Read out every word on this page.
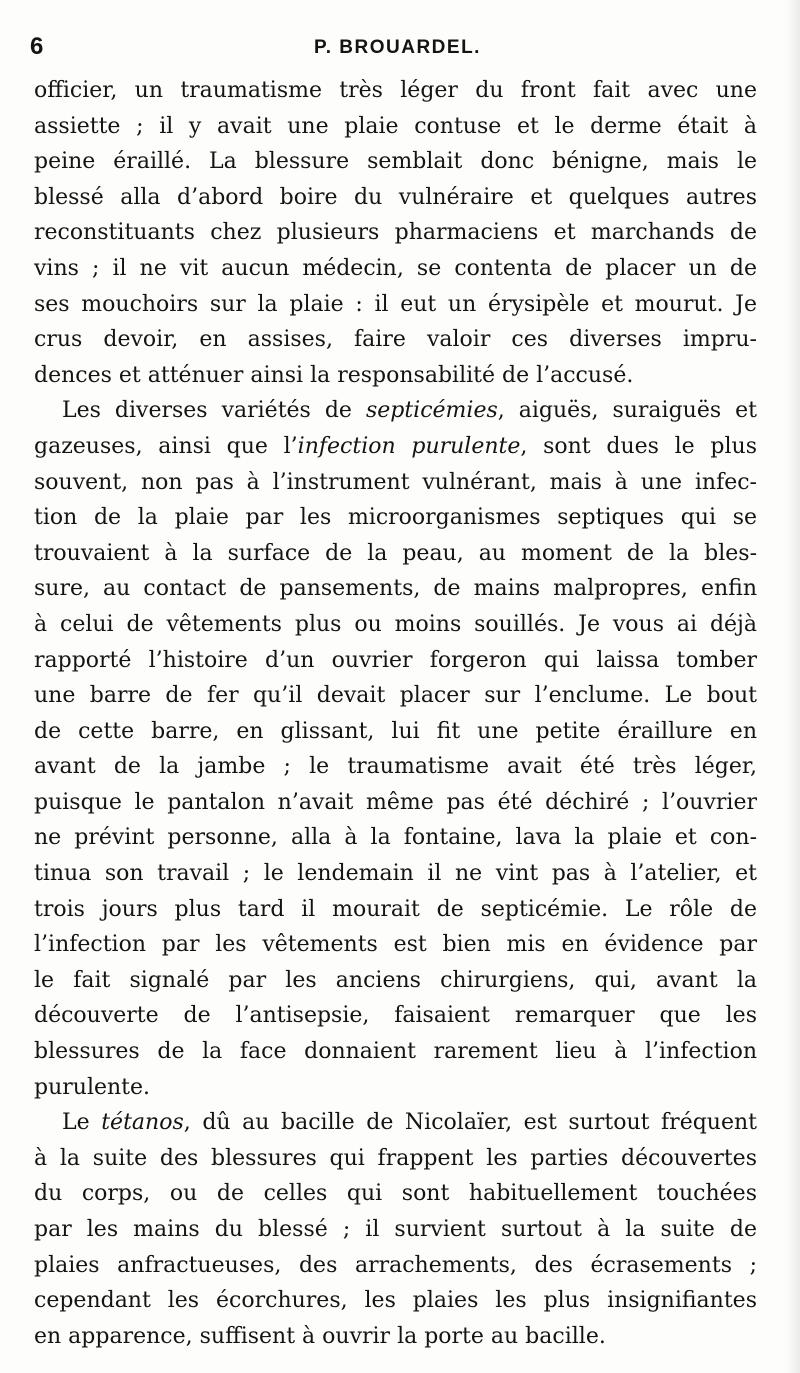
6	P. BROUARDEL.
officier, un traumatisme très léger du front fait avec une
assiette ; il y avait une plaie contuse et le derme était à
peine éraillé. La blessure semblait donc bénigne, mais le
blessé alla d’abord boire du vulnéraire et quelques autres
reconstituants chez plusieurs pharmaciens et marchands de
vins ; il ne vit aucun médecin, se contenta de placer un de
ses mouchoirs sur la plaie : il eut un érysipèle et mourut. Je
crus devoir, en assises, faire valoir ces diverses impru-
dences et atténuer ainsi la responsabilité de l’accusé.
Les diverses variétés de septicémies, aiguës, suraiguës et
gazeuses, ainsi que l’infection purulente, sont dues le plus
souvent, non pas à l’instrument vulnérant, mais à une infec-
tion de la plaie par les microorganismes septiques qui se
trouvaient à la surface de la peau, au moment de la bles-
sure, au contact de pansements, de mains malpropres, enfin
à celui de vêtements plus ou moins souillés. Je vous ai déjà
rapporté l’histoire d’un ouvrier forgeron qui laissa tomber
une barre de fer qu’il devait placer sur l’enclume. Le bout
de cette barre, en glissant, lui fit une petite éraillure en
avant de la jambe ; le traumatisme avait été très léger,
puisque le pantalon n’avait même pas été déchiré ; l’ouvrier
ne prévint personne, alla à la fontaine, lava la plaie et con-
tinua son travail ; le lendemain il ne vint pas à l’atelier, et
trois jours plus tard il mourait de septicémie. Le rôle de
l’infection par les vêtements est bien mis en évidence par
le fait signalé par les anciens chirurgiens, qui, avant la
découverte de l’antisepsie, faisaient remarquer que les
blessures de la face donnaient rarement lieu à l’infection
purulente.
Le tétanos, dû au bacille de Nicolaïer, est surtout fréquent
à la suite des blessures qui frappent les parties découvertes
du corps, ou de celles qui sont habituellement touchées
par les mains du blessé ; il survient surtout à la suite de
plaies anfractueuses, des arrachements, des écrasements ;
cependant les écorchures, les plaies les plus insignifiantes
en apparence, suffisent à ouvrir la porte au bacille.
